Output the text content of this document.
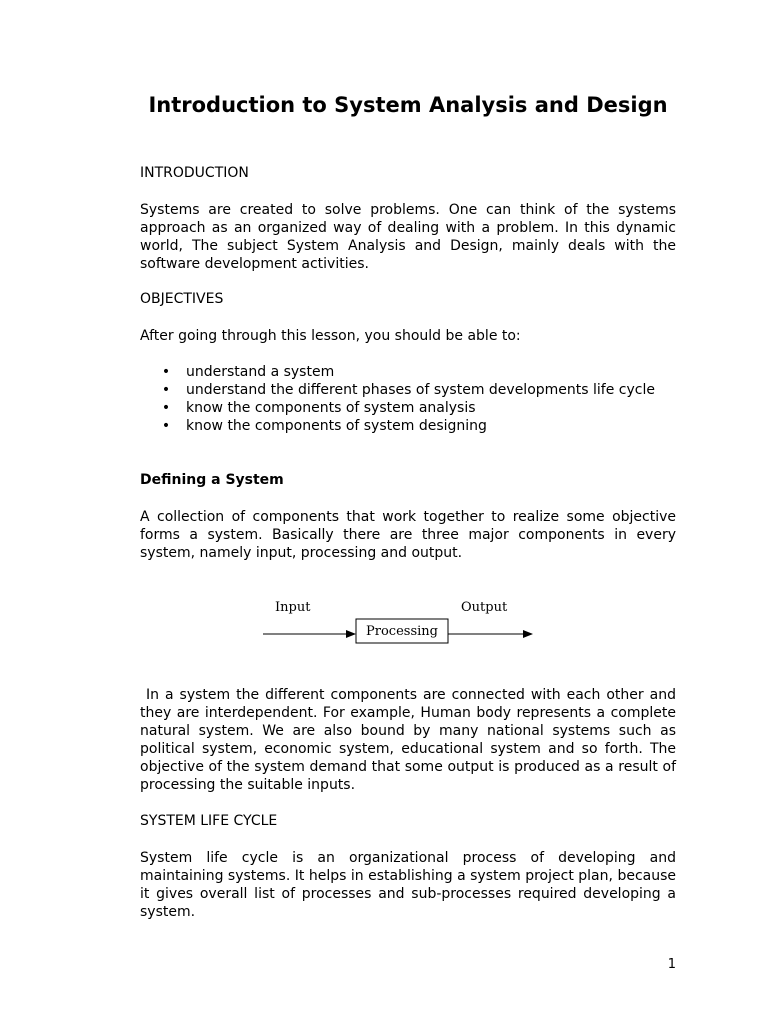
Introduction to System Analysis and Design
INTRODUCTION

Systems are created to solve problems. One can think of the systems approach as an organized way of dealing with a problem. In this dynamic world, The subject System Analysis and Design, mainly deals with the software development activities.

OBJECTIVES

After going through this lesson, you should be able to:

• understand a system
• understand the different phases of system developments life cycle
• know the components of system analysis
• know the components of system designing
Defining a System

A collection of components that work together to realize some objective forms a system. Basically there are three major components in every system, namely input, processing and output.

Input
Processing
Output

In a system the different components are connected with each other and they are interdependent. For example, Human body represents a complete natural system. We are also bound by many national systems such as political system, economic system, educational system and so forth. The objective of the system demand that some output is produced as a result of processing the suitable inputs.

SYSTEM LIFE CYCLE

System life cycle is an organizational process of developing and maintaining systems. It helps in establishing a system project plan, because it gives overall list of processes and sub-processes required developing a system.

1
